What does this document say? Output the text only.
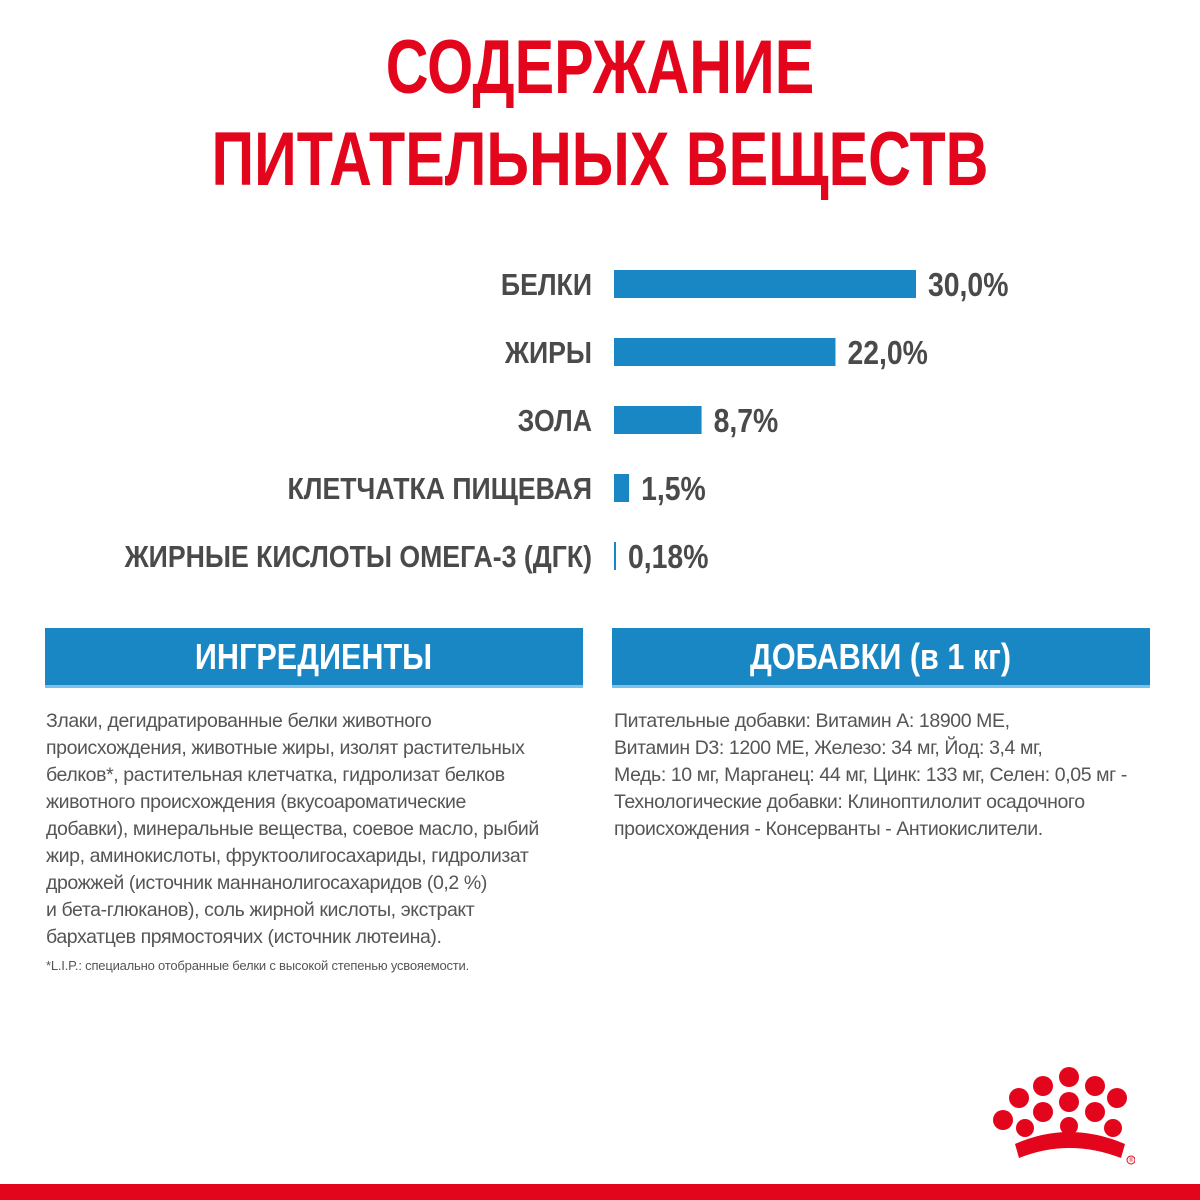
СОДЕРЖАНИЕ
ПИТАТЕЛЬНЫХ ВЕЩЕСТВ
БЕЛКИ	30,0%
ЖИРЫ	22,0%
ЗОЛА	8,7%
КЛЕТЧАТКА ПИЩЕВАЯ 1,5%
ЖИРНЫЕ КИСЛОТЫ ОМЕГА-3 (ДГК) 0,18%
ИНГРЕДИЕНТЫ
Злаки, дегидратированные белки животного
происхождения, животные жиры, изолят растительных
белков*, растительная клетчатка, гидролизат белков
животного происхождения (вкусоароматические
добавки), минеральные вещества, соевое масло, рыбий
жир, аминокислоты, фруктоолигосахариды, гидролизат
дрожжей (источник маннанолигосахаридов (0,2 %)
и бета-глюканов), соль жирной кислоты, экстракт
бархатцев прямостоячих (источник лютеина).
*L.I.P.: специально отобранные белки с высокой степенью усвояемости.
ДОБАВКИ (в 1 кг)
Питательные добавки: Витамин А: 18900 МЕ,
Витамин D3: 1200 МЕ, Железо: 34 мг, Йод: 3,4 мг,
Медь: 10 мг, Марганец: 44 мг, Цинк: 133 мг, Селен: 0,05 мг -
Технологические добавки: Клиноптилолит осадочного
происхождения - Консерванты - Антиокислители.
®
